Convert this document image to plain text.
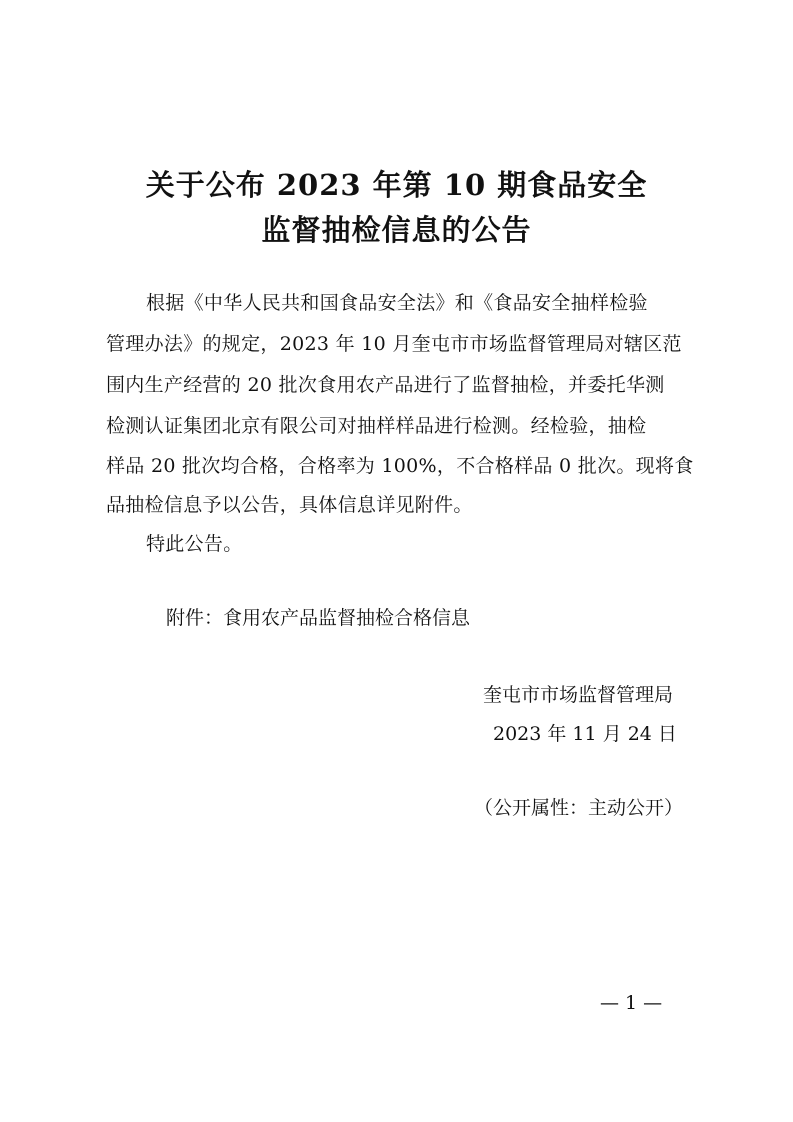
关于公布 2023 年第 10 期食品安全
监督抽检信息的公告
根据《中华人民共和国食品安全法》和《食品安全抽样检验
管理办法》的规定，2023 年 10 月奎屯市市场监督管理局对辖区范
围内生产经营的 20 批次食用农产品进行了监督抽检，并委托华测
检测认证集团北京有限公司对抽样样品进行检测。经检验，抽检
样品 20 批次均合格，合格率为 100%，不合格样品 0 批次。现将食
品抽检信息予以公告，具体信息详见附件。
特此公告。
附件：食用农产品监督抽检合格信息
奎屯市市场监督管理局
2023 年 11 月 24 日
（公开属性：主动公开）
— 1 —
